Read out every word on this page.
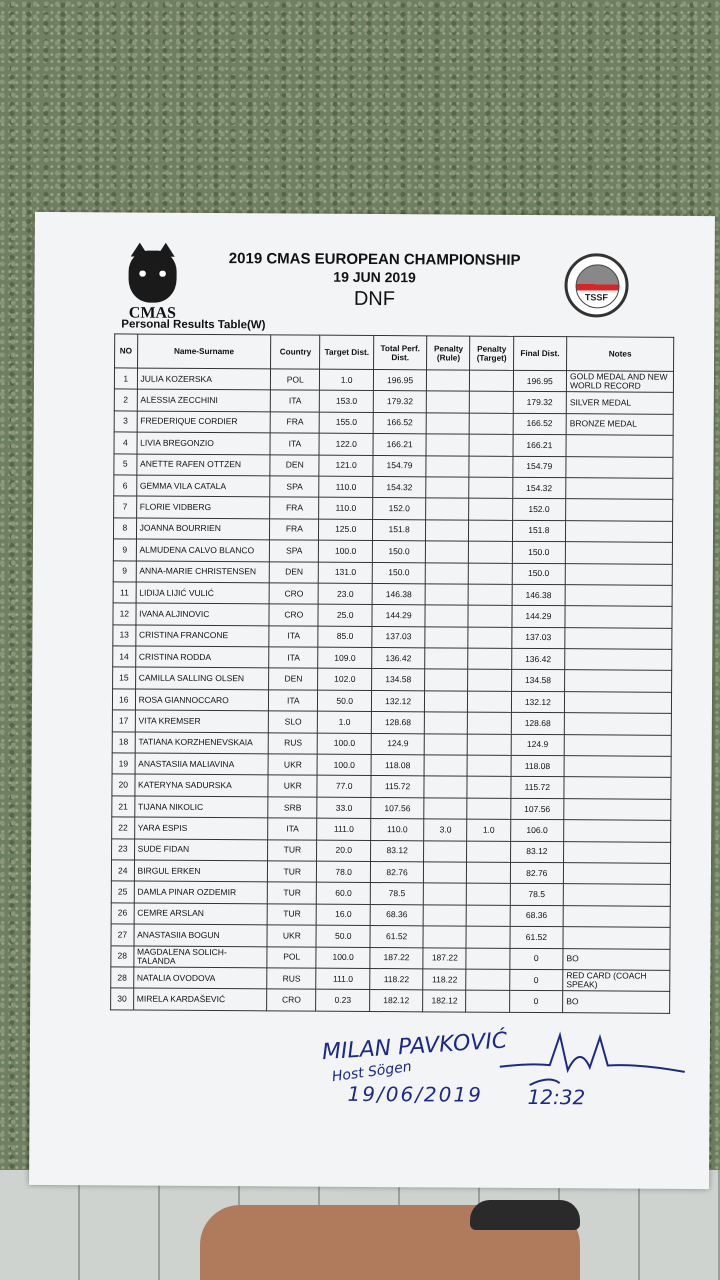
CMAS
2019 CMAS EUROPEAN CHAMPIONSHIP
19 JUN 2019
DNF	TSSF
Personal Results Table(W)
NO	Name-Surname	Country	Target Dist.	Total Perf. Dist.	Penalty (Rule)	Penalty (Target)	Final Dist.	Notes
1	JULIA KOZERSKA	POL	1.0	196.95			196.95	GOLD MEDAL AND NEW WORLD RECORD
2	ALESSIA ZECCHINI	ITA	153.0	179.32			179.32	SILVER MEDAL
3	FREDERIQUE CORDIER	FRA	155.0	166.52			166.52	BRONZE MEDAL
4	LIVIA BREGONZIO	ITA	122.0	166.21			166.21	
5	ANETTE RAFEN OTTZEN	DEN	121.0	154.79			154.79	
6	GEMMA VILA CATALA	SPA	110.0	154.32			154.32	
7	FLORIE VIDBERG	FRA	110.0	152.0			152.0	
8	JOANNA BOURRIEN	FRA	125.0	151.8			151.8	
9	ALMUDENA CALVO BLANCO	SPA	100.0	150.0			150.0	
9	ANNA-MARIE CHRISTENSEN	DEN	131.0	150.0			150.0	
11	LIDIJA LIJIĆ VULIĆ	CRO	23.0	146.38			146.38	
12	IVANA ALJINOVIC	CRO	25.0	144.29			144.29	
13	CRISTINA FRANCONE	ITA	85.0	137.03			137.03	
14	CRISTINA RODDA	ITA	109.0	136.42			136.42	
15	CAMILLA SALLING OLSEN	DEN	102.0	134.58			134.58	
16	ROSA GIANNOCCARO	ITA	50.0	132.12			132.12	
17	VITA KREMSER	SLO	1.0	128.68			128.68	
18	TATIANA KORZHENEVSKAIA	RUS	100.0	124.9			124.9	
19	ANASTASIIA MALIAVINA	UKR	100.0	118.08			118.08	
20	KATERYNA SADURSKA	UKR	77.0	115.72			115.72	
21	TIJANA NIKOLIC	SRB	33.0	107.56			107.56	
22	YARA ESPIS	ITA	111.0	110.0	3.0	1.0	106.0	
23	SUDE FIDAN	TUR	20.0	83.12			83.12	
24	BIRGUL ERKEN	TUR	78.0	82.76			82.76	
25	DAMLA PINAR OZDEMIR	TUR	60.0	78.5			78.5	
26	CEMRE ARSLAN	TUR	16.0	68.36			68.36	
27	ANASTASIIA BOGUN	UKR	50.0	61.52			61.52	
28	MAGDALENA SOLICH-TALANDA	POL	100.0	187.22	187.22		0	BO
28	NATALIA OVODOVA	RUS	111.0	118.22	118.22		0	RED CARD (COACH SPEAK)
30	MIRELA KARDAŠEVIĆ	CRO	0.23	182.12	182.12		0	BO
MILAN PAVKOVIĆ
Host Sögen
19/06/2019 12:32
